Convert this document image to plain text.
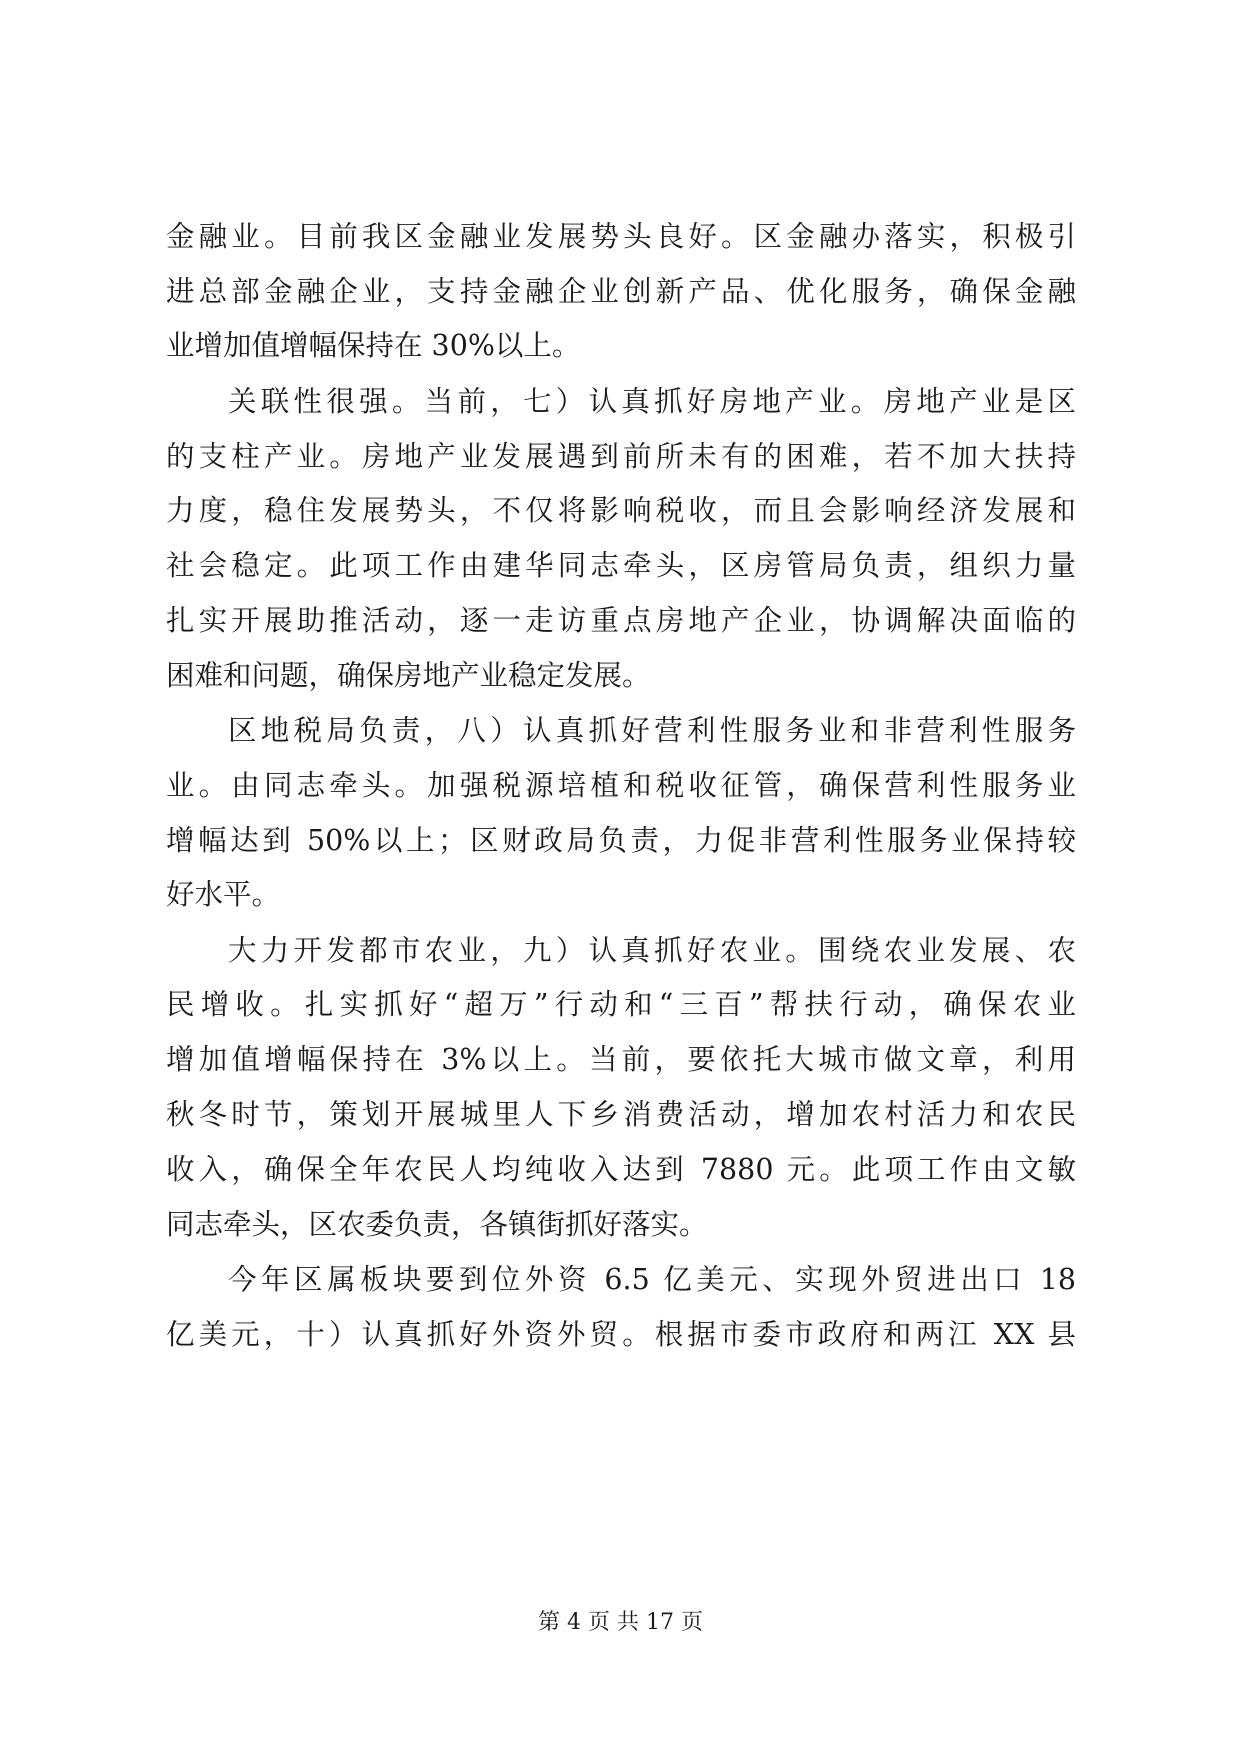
金融业。目前我区金融业发展势头良好。区金融办落实，积极引
进总部金融企业，支持金融企业创新产品、优化服务，确保金融
业增加值增幅保持在 30%以上。
关联性很强。当前，七）认真抓好房地产业。房地产业是区
的支柱产业。房地产业发展遇到前所未有的困难，若不加大扶持
力度，稳住发展势头，不仅将影响税收，而且会影响经济发展和
社会稳定。此项工作由建华同志牵头，区房管局负责，组织力量
扎实开展助推活动，逐一走访重点房地产企业，协调解决面临的
困难和问题，确保房地产业稳定发展。
区地税局负责，八）认真抓好营利性服务业和非营利性服务
业。由同志牵头。加强税源培植和税收征管，确保营利性服务业
增幅达到 50%以上；区财政局负责，力促非营利性服务业保持较
好水平。
大力开发都市农业，九）认真抓好农业。围绕农业发展、农
民增收。扎实抓好“超万”行动和“三百”帮扶行动，确保农业
增加值增幅保持在 3%以上。当前，要依托大城市做文章，利用
秋冬时节，策划开展城里人下乡消费活动，增加农村活力和农民
收入，确保全年农民人均纯收入达到 7880 元。此项工作由文敏
同志牵头，区农委负责，各镇街抓好落实。
今年区属板块要到位外资 6.5 亿美元、实现外贸进出口 18
亿美元，十）认真抓好外资外贸。根据市委市政府和两江 XX 县
第 4 页 共 17 页
